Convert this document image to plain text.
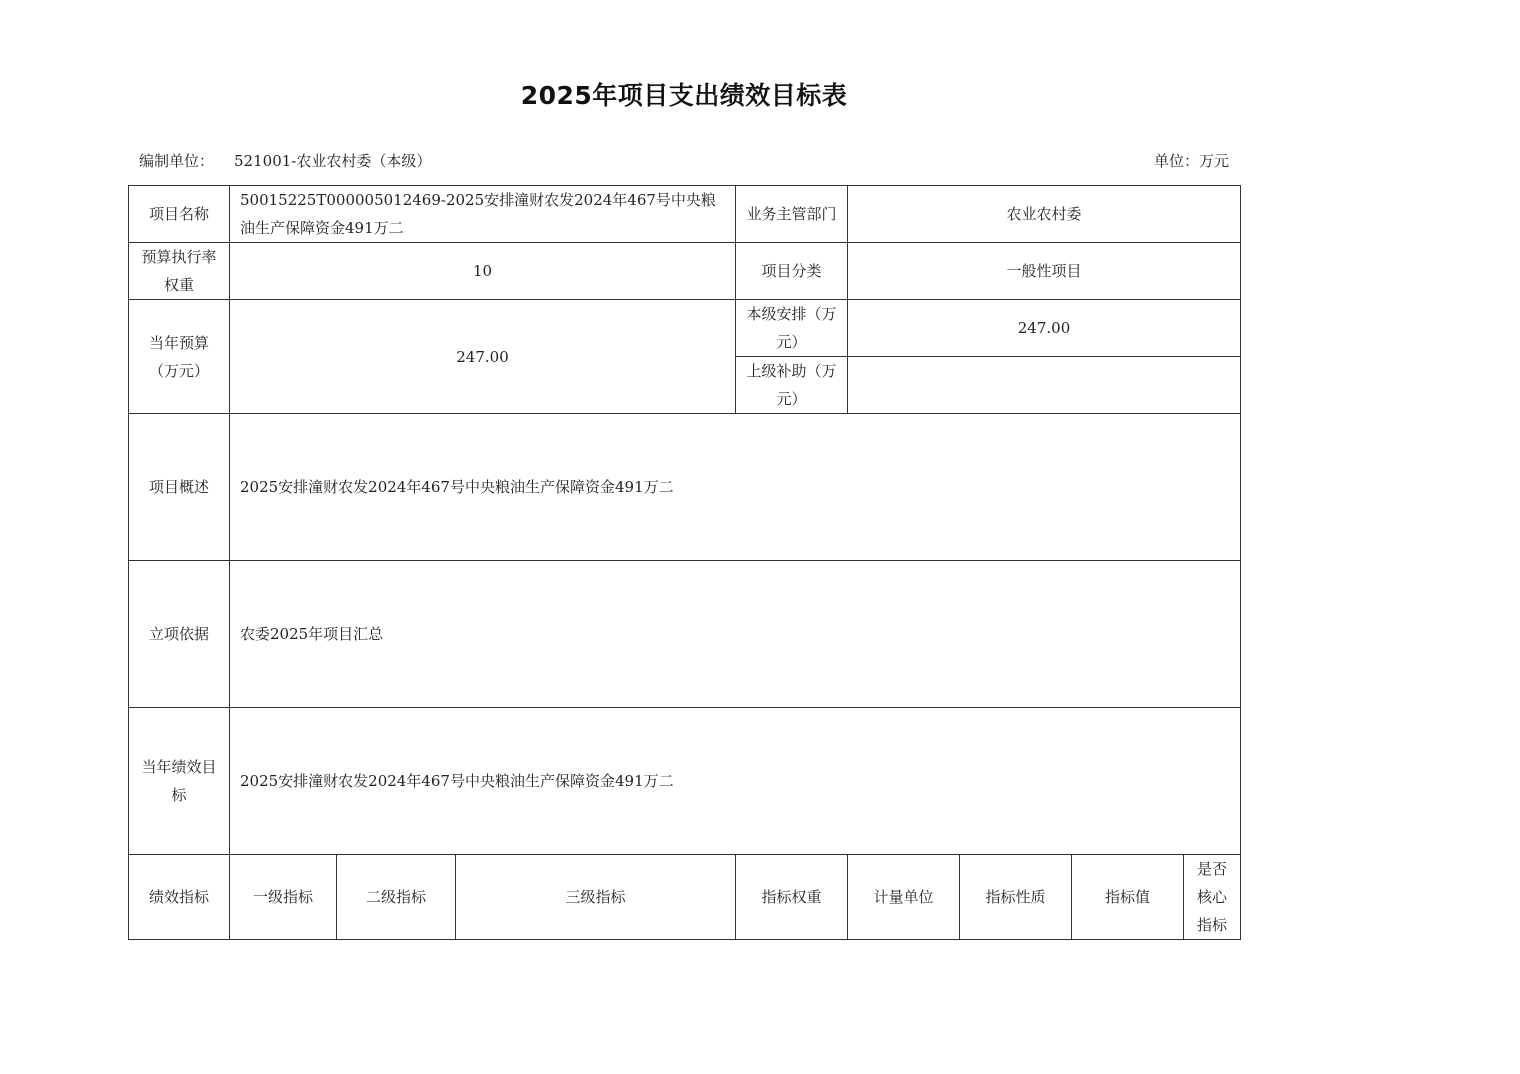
2025年项目支出绩效目标表
编制单位： 521001-农业农村委（本级）	单位：万元
项目名称	50015225T000005012469-2025安排潼财农发2024年467号中央粮油生产保障资金491万二			业务主管部门	农业农村委			
预算执行率权重	10			项目分类	一般性项目			
当年预算（万元）	247.00			本级安排（万元）	247.00			
				上级补助（万元）				
项目概述	2025安排潼财农发2024年467号中央粮油生产保障资金491万二							
立项依据	农委2025年项目汇总							
当年绩效目标	2025安排潼财农发2024年467号中央粮油生产保障资金491万二							
绩效指标	一级指标	二级指标	三级指标	指标权重	计量单位	指标性质	指标值	是否核心指标
